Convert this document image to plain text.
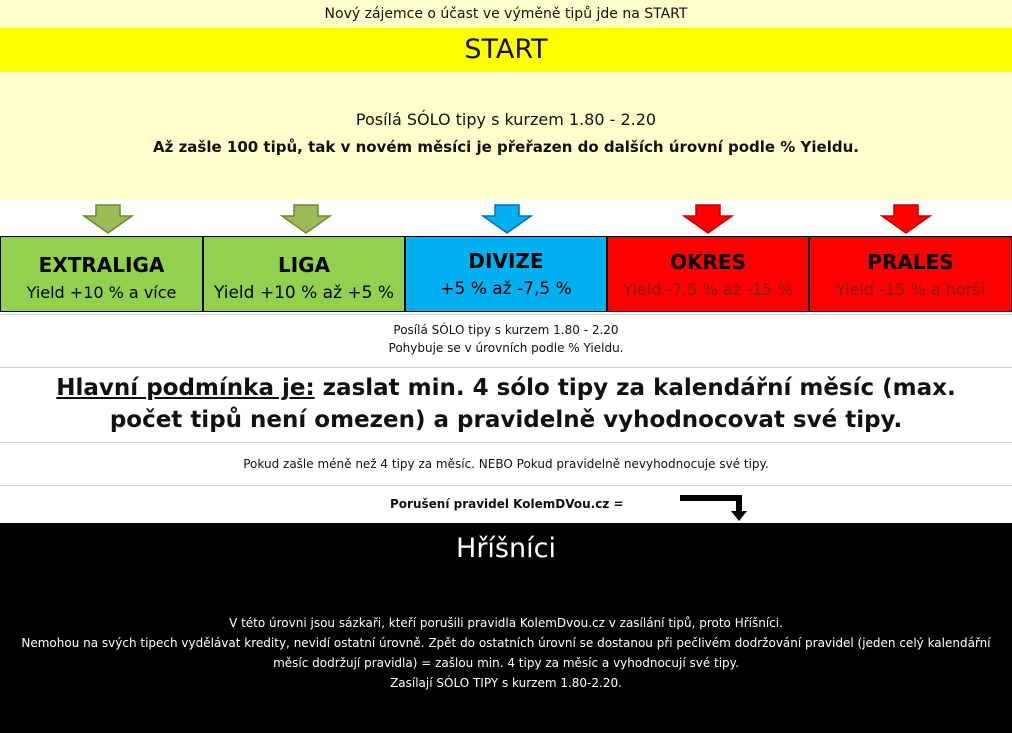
Nový zájemce o účast ve výměně tipů jde na START
START
Posílá SÓLO tipy s kurzem 1.80 - 2.20
Až zašle 100 tipů, tak v novém měsíci je přeřazen do dalších úrovní podle % Yieldu.
EXTRALIGA
Yield +10 % a více
LIGA
Yield +10 % až +5 %
DIVIZE
+5 % až -7,5 %
OKRES
Yield -7,5 % až -15 %
PRALES
Yield -15 % a horší
Posílá SÓLO tipy s kurzem 1.80 - 2.20
Pohybuje se v úrovních podle % Yieldu.
Hlavní podmínka je: zaslat min. 4 sólo tipy za kalendářní měsíc (max.
počet tipů není omezen) a pravidelně vyhodnocovat své tipy.
Pokud zašle méně než 4 tipy za měsíc. NEBO Pokud pravidelně nevyhodnocuje své tipy.
Porušení pravidel KolemDVou.cz =
Hříšníci
V této úrovni jsou sázkaři, kteří porušili pravidla KolemDvou.cz v zasílání tipů, proto Hříšníci.
Nemohou na svých tipech vydělávat kredity, nevidí ostatní úrovně. Zpět do ostatních úrovní se dostanou při pečlivém dodržování pravidel (jeden celý kalendářní
měsíc dodržují pravidla) = zašlou min. 4 tipy za měsíc a vyhodnocují své tipy.
Zasílají SÓLO TIPY s kurzem 1.80-2.20.
